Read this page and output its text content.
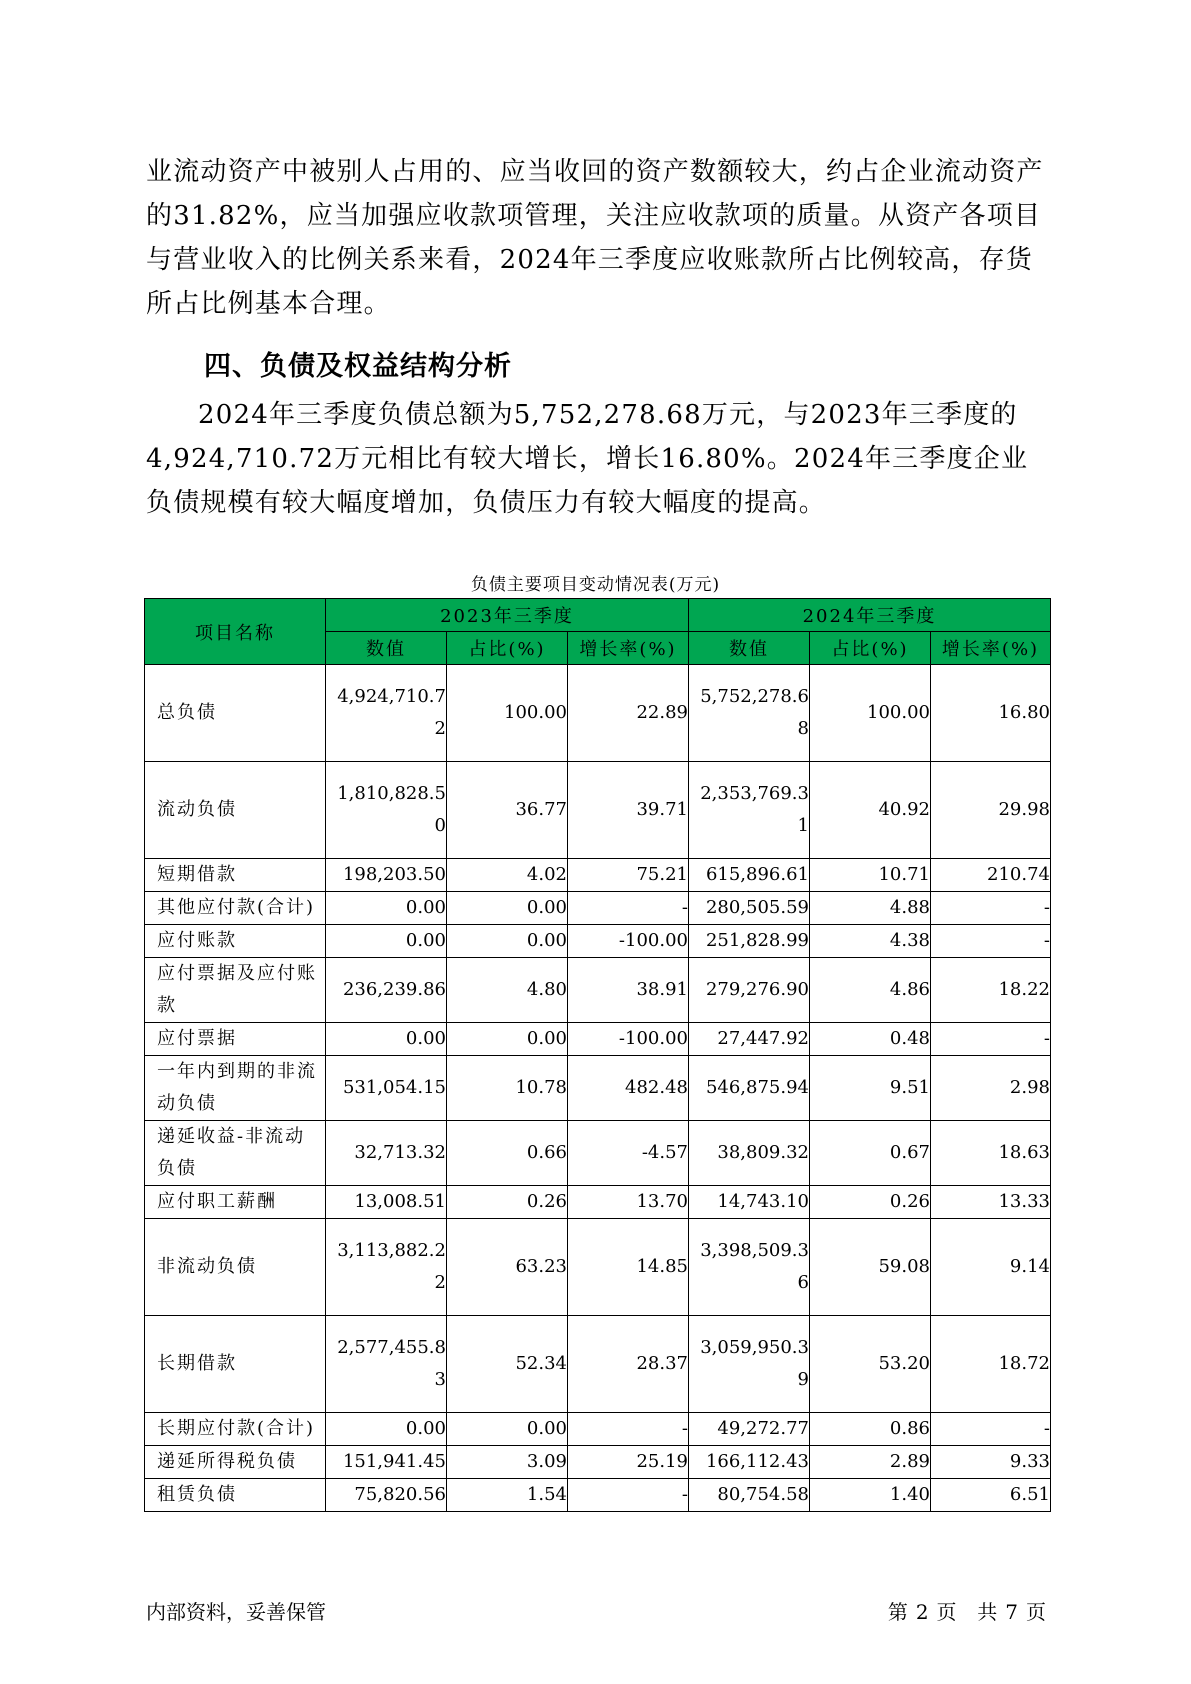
业流动资产中被别人占用的、应当收回的资产数额较大，约占企业流动资产的31.82%，应当加强应收款项管理，关注应收款项的质量。从资产各项目与营业收入的比例关系来看，2024年三季度应收账款所占比例较高，存货所占比例基本合理。
四、负债及权益结构分析
2024年三季度负债总额为5,752,278.68万元，与2023年三季度的4,924,710.72万元相比有较大增长，增长16.80%。2024年三季度企业负债规模有较大幅度增加，负债压力有较大幅度的提高。
负债主要项目变动情况表(万元)
项目名称	2023年三季度			2024年三季度		
	数值	占比(%)	增长率(%)	数值	占比(%)	增长率(%)
总负债	4,924,710.72	100.00	22.89	5,752,278.68	100.00	16.80
流动负债	1,810,828.50	36.77	39.71	2,353,769.31	40.92	29.98
短期借款	198,203.50	4.02	75.21	615,896.61	10.71	210.74
其他应付款(合计)	0.00	0.00	-	280,505.59	4.88	-
应付账款	0.00	0.00	-100.00	251,828.99	4.38	-
应付票据及应付账款	236,239.86	4.80	38.91	279,276.90	4.86	18.22
应付票据	0.00	0.00	-100.00	27,447.92	0.48	-
一年内到期的非流动负债	531,054.15	10.78	482.48	546,875.94	9.51	2.98
递延收益-非流动负债	32,713.32	0.66	-4.57	38,809.32	0.67	18.63
应付职工薪酬	13,008.51	0.26	13.70	14,743.10	0.26	13.33
非流动负债	3,113,882.22	63.23	14.85	3,398,509.36	59.08	9.14
长期借款	2,577,455.83	52.34	28.37	3,059,950.39	53.20	18.72
长期应付款(合计)	0.00	0.00	-	49,272.77	0.86	-
递延所得税负债	151,941.45	3.09	25.19	166,112.43	2.89	9.33
租赁负债	75,820.56	1.54	-	80,754.58	1.40	6.51
内部资料，妥善保管	第 2 页 共 7 页
